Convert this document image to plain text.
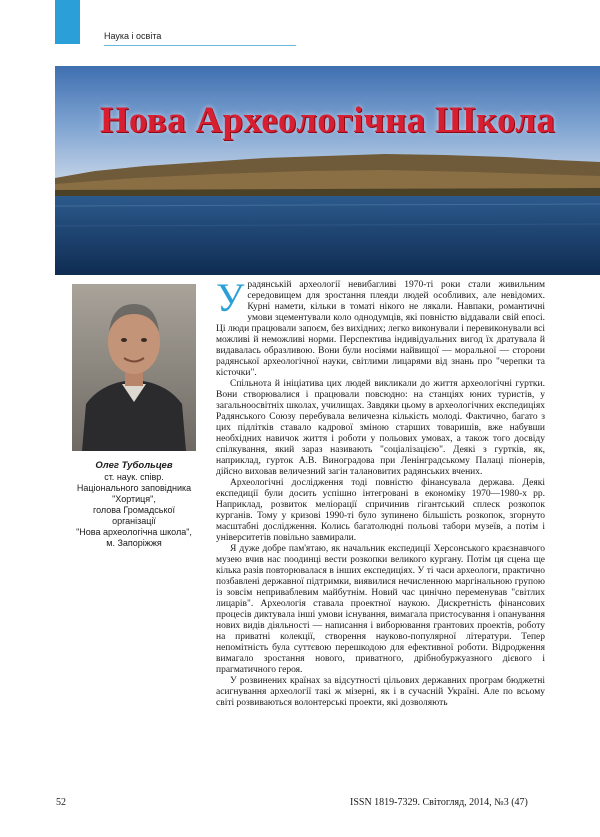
Наука і освіта
Нова Археологічна Школа
Олег Тубольцев
ст. наук. співр.
Національного заповідника
"Хортиця",
голова Громадської
організації
"Нова археологічна школа",
м. Запоріжжя

Урадянській археології невибагливі 1970-ті роки стали живильним середовищем для зростання плеяди людей особливих, але невідомих. Курні намети, кільки в томаті нікого не лякали. Навпаки, романтичні умови зцементували коло однодумців, які повністю віддавали свій епосі. Ці люди працювали запоєм, без вихідних; легко виконували і перевиконували всі можливі й неможливі норми. Перспектива індивідуальних вигод їх дратувала й видавалась образливою. Вони були носіями найвищої — моральної — сторони радянської археологічної науки, світлими лицарями від знань про "черепки та кісточки".

Спільнота й ініціатива цих людей викликали до життя археологічні гуртки. Вони створювалися і працювали повсюдно: на станціях юних туристів, у загальноосвітніх школах, училищах. Завдяки цьому в археологічних експедиціях Радянського Союзу перебувала величезна кількість молоді. Фактично, багато з цих підлітків ставало кадрової зміною старших товаришів, вже набувши необхідних навичок життя і роботи у польових умовах, а також того досвіду спілкування, який зараз називають "соціалізацією". Деякі з гуртків, як, наприклад, гурток А.В. Виноградова при Ленінградському Палаці піонерів, дійсно виховав величезний загін талановитих радянських вчених.

Археологічні дослідження тоді повністю фінансувала держава. Деякі експедиції були досить успішно інтегровані в економіку 1970—1980-х рр. Наприклад, розвиток меліорації спричинив гігантський сплеск розкопок курганів. Тому у кризові 1990-ті було зупинено більшість розкопок, згорнуто масштабні дослідження. Колись багатолюдні польові табори музеїв, а потім і університетів повільно завмирали.

Я дуже добре пам'ятаю, як начальник експедиції Херсонського краєзнавчого музею вчив нас поодинці вести розкопки великого кургану. Потім ця сцена ще кілька разів повторювалася в інших експедиціях. У ті часи археологи, практично позбавлені державної підтримки, виявилися нечисленною маргінальною групою із зовсім неприваблевим майбутнім. Новий час цинічно переменував "світлих лицарів". Археологія ставала проектної наукою. Дискретність фінансових процесів диктувала інші умови існування, вимагала пристосування і опанування нових видів діяльності — написання і виборювання грантових проектів, роботу на приватні колекції, створення науково-популярної літератури. Тепер непомітність була суттєвою перешкодою для ефективної роботи. Відродження вимагало зростання нового, приватного, дрібнобуржуазного дієвого і прагматичного героя.

У розвинених країнах за відсутності цільових державних програм бюджетні асигнування археології такі ж мізерні, як і в сучасній Україні. Але по всьому світі розвиваються волонтерські проекти, які дозволяють

52	ISSN 1819-7329. Світогляд, 2014, №3 (47)
